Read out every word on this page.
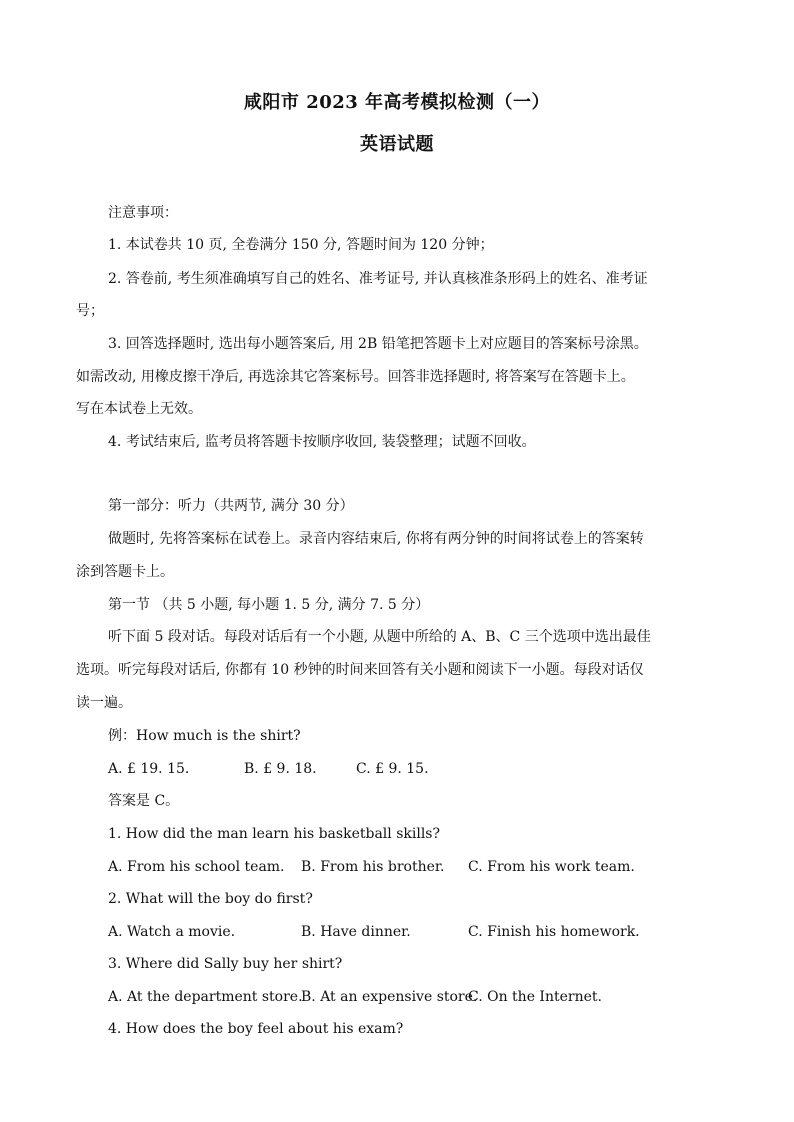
咸阳市 2023 年高考模拟检测（一）
英语试题
注意事项：
1. 本试卷共 10 页, 全卷满分 150 分, 答题时间为 120 分钟；
2. 答卷前, 考生须准确填写自己的姓名、准考证号, 并认真核准条形码上的姓名、准考证
号；
3. 回答选择题时, 选出每小题答案后, 用 2B 铅笔把答题卡上对应题目的答案标号涂黑。
如需改动, 用橡皮擦干净后, 再选涂其它答案标号。回答非选择题时, 将答案写在答题卡上。
写在本试卷上无效。
4. 考试结束后, 监考员将答题卡按顺序收回, 装袋整理；试题不回收。
第一部分：听力（共两节, 满分 30 分）
做题时, 先将答案标在试卷上。录音内容结束后, 你将有两分钟的时间将试卷上的答案转
涂到答题卡上。
第一节 （共 5 小题, 每小题 1. 5 分, 满分 7. 5 分）
听下面 5 段对话。每段对话后有一个小题, 从题中所给的 A、B、C 三个选项中选出最佳
选项。听完每段对话后, 你都有 10 秒钟的时间来回答有关小题和阅读下一小题。每段对话仅
读一遍。
例：How much is the shirt?
A. £ 19. 15.	B. £ 9. 18.	C. £ 9. 15.
答案是 C。
1. How did the man learn his basketball skills?
A. From his school team. B. From his brother. C. From his work team.
2. What will the boy do first?
A. Watch a movie.	B. Have dinner.	C. Finish his homework.
3. Where did Sally buy her shirt?
A. At the department store.
B. At an expensive store.
C. On the Internet.
4. How does the boy feel about his exam?
